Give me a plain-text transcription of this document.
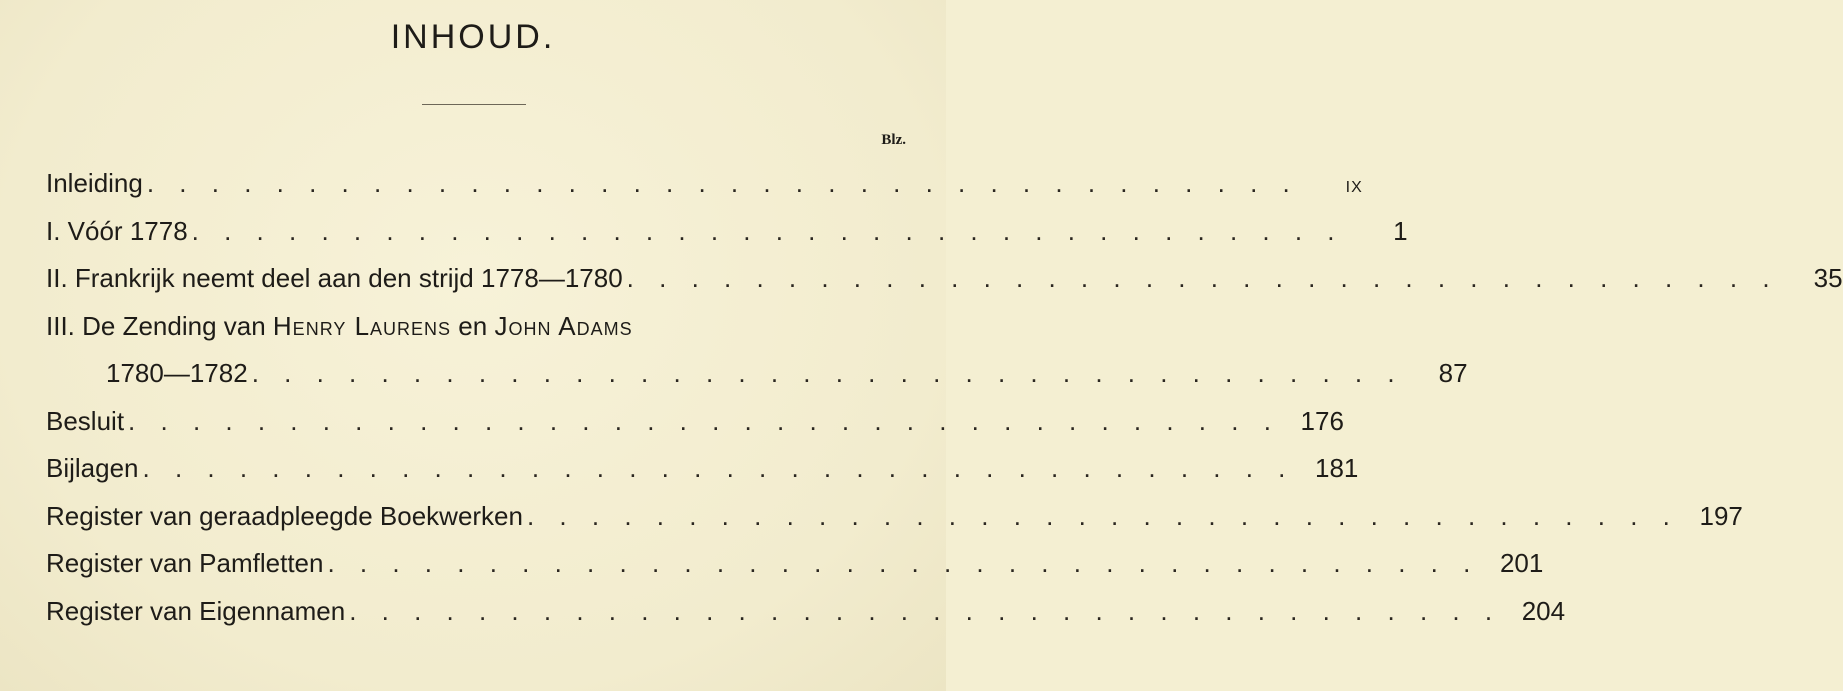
INHOUD.
Blz.
Inleiding . . . . . . . . . . . . . . . . . . . . . . . . . . . . . . . . . . . .	IX
I. Vóór 1778 . . . . . . . . . . . . . . . . . . . . . . . . . . . . . . . . . . . .	1
II. Frankrijk neemt deel aan den strijd 1778—1780 . . . . . . . . . . . . . . . . . . . . . . . . . . . . . . . . . . . .	35
III. De Zending van Henry Laurens en John Adams
1780—1782 . . . . . . . . . . . . . . . . . . . . . . . . . . . . . . . . . . . .	87
Besluit . . . . . . . . . . . . . . . . . . . . . . . . . . . . . . . . . . . . 176
Bijlagen . . . . . . . . . . . . . . . . . . . . . . . . . . . . . . . . . . . . 181
Register van geraadpleegde Boekwerken . . . . . . . . . . . . . . . . . . . . . . . . . . . . . . . . . . . . 197
Register van Pamfletten . . . . . . . . . . . . . . . . . . . . . . . . . . . . . . . . . . . . 201
Register van Eigennamen . . . . . . . . . . . . . . . . . . . . . . . . . . . . . . . . . . . . 204
